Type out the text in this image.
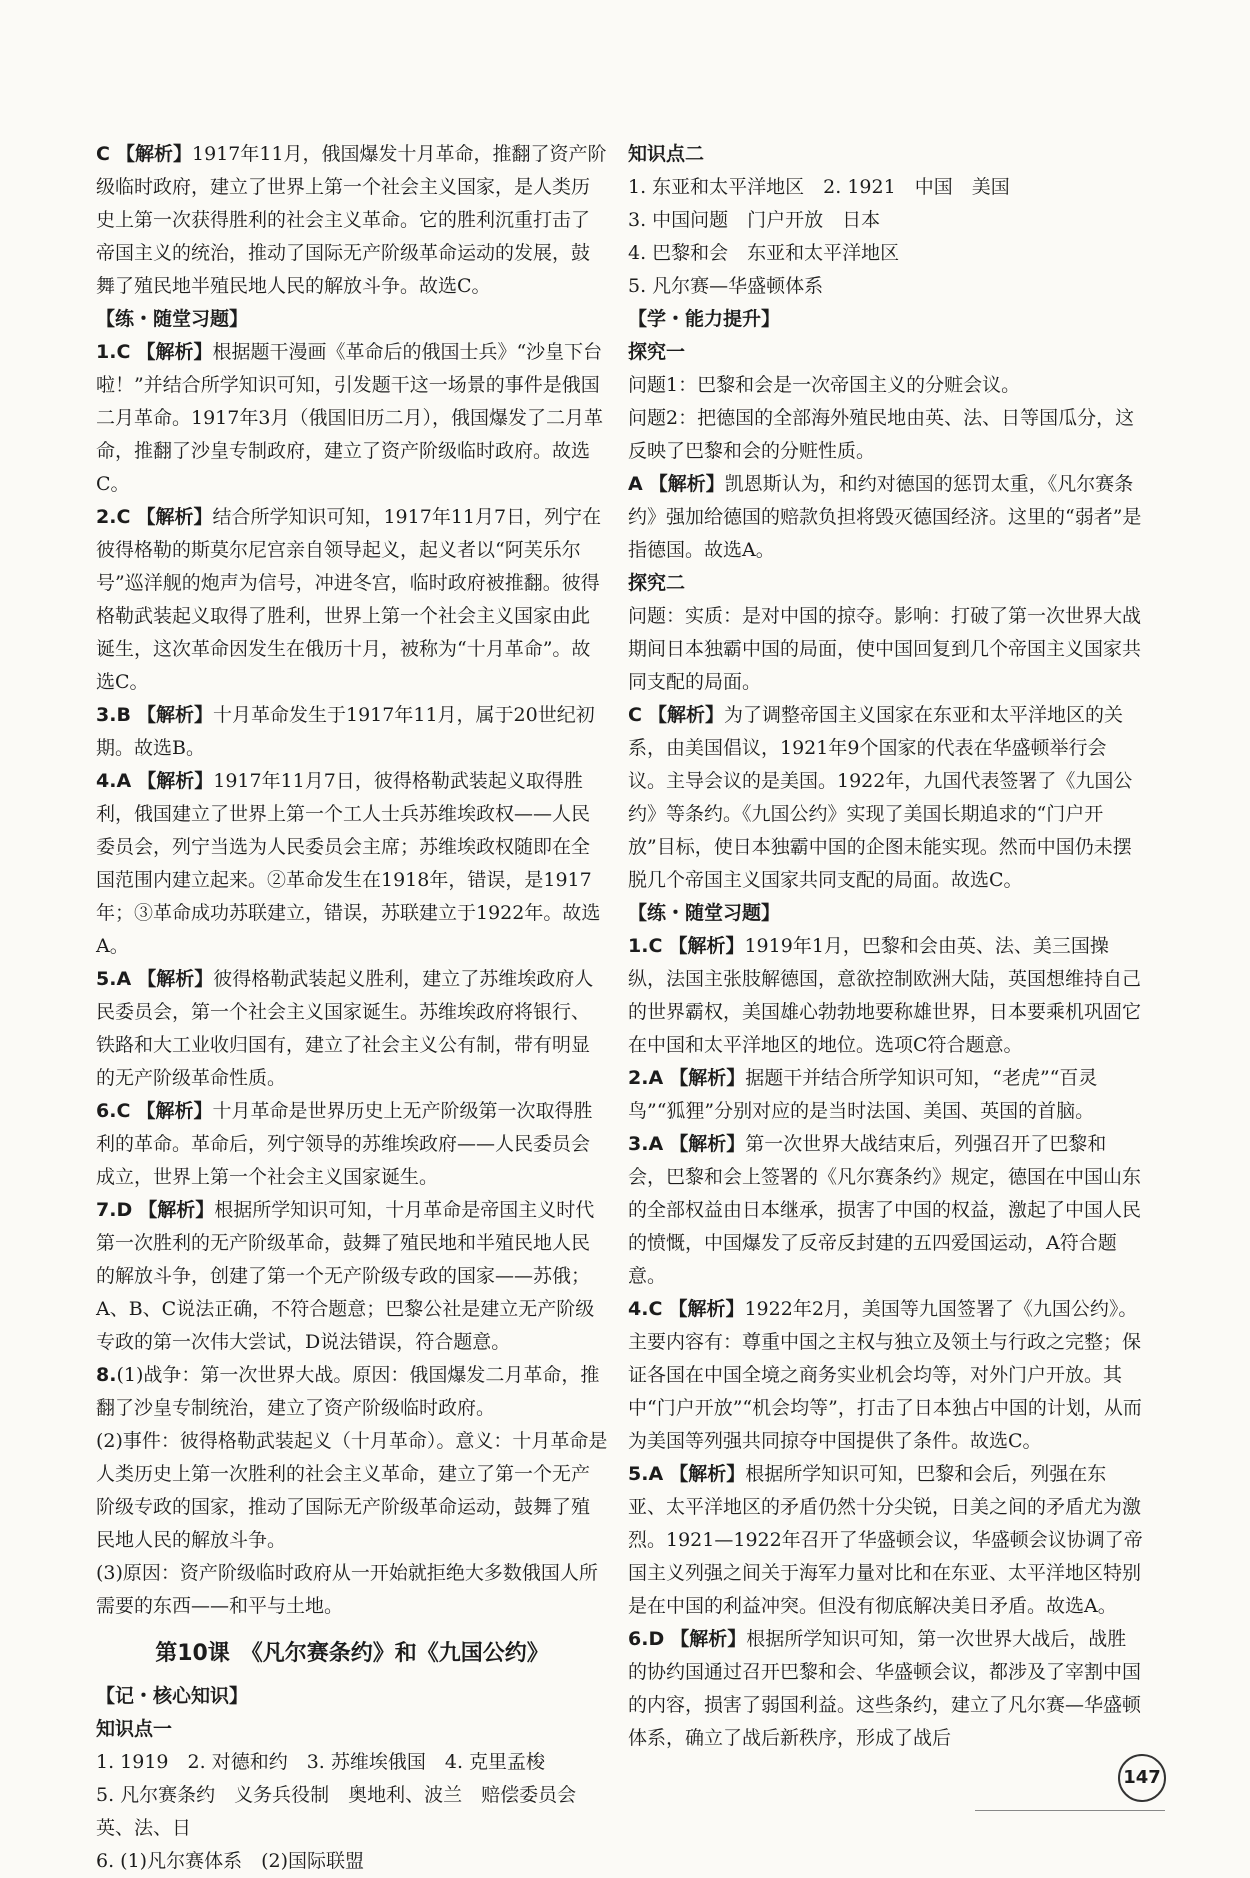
C 【解析】1917年11月，俄国爆发十月革命，推翻了资产阶级临时政府，建立了世界上第一个社会主义国家，是人类历史上第一次获得胜利的社会主义革命。它的胜利沉重打击了帝国主义的统治，推动了国际无产阶级革命运动的发展，鼓舞了殖民地半殖民地人民的解放斗争。故选C。

【练・随堂习题】

1.C 【解析】根据题干漫画《革命后的俄国士兵》“沙皇下台啦！”并结合所学知识可知，引发题干这一场景的事件是俄国二月革命。1917年3月（俄国旧历二月），俄国爆发了二月革命，推翻了沙皇专制政府，建立了资产阶级临时政府。故选C。

2.C 【解析】结合所学知识可知，1917年11月7日，列宁在彼得格勒的斯莫尔尼宫亲自领导起义，起义者以“阿芙乐尔号”巡洋舰的炮声为信号，冲进冬宫，临时政府被推翻。彼得格勒武装起义取得了胜利，世界上第一个社会主义国家由此诞生，这次革命因发生在俄历十月，被称为“十月革命”。故选C。

3.B 【解析】十月革命发生于1917年11月，属于20世纪初期。故选B。

4.A 【解析】1917年11月7日，彼得格勒武装起义取得胜利，俄国建立了世界上第一个工人士兵苏维埃政权——人民委员会，列宁当选为人民委员会主席；苏维埃政权随即在全国范围内建立起来。②革命发生在1918年，错误，是1917年；③革命成功苏联建立，错误，苏联建立于1922年。故选A。

5.A 【解析】彼得格勒武装起义胜利，建立了苏维埃政府人民委员会，第一个社会主义国家诞生。苏维埃政府将银行、铁路和大工业收归国有，建立了社会主义公有制，带有明显的无产阶级革命性质。

6.C 【解析】十月革命是世界历史上无产阶级第一次取得胜利的革命。革命后，列宁领导的苏维埃政府——人民委员会成立，世界上第一个社会主义国家诞生。

7.D 【解析】根据所学知识可知，十月革命是帝国主义时代第一次胜利的无产阶级革命，鼓舞了殖民地和半殖民地人民的解放斗争，创建了第一个无产阶级专政的国家——苏俄；A、B、C说法正确，不符合题意；巴黎公社是建立无产阶级专政的第一次伟大尝试，D说法错误，符合题意。

8.(1)战争：第一次世界大战。原因：俄国爆发二月革命，推翻了沙皇专制统治，建立了资产阶级临时政府。

(2)事件：彼得格勒武装起义（十月革命）。意义：十月革命是人类历史上第一次胜利的社会主义革命，建立了第一个无产阶级专政的国家，推动了国际无产阶级革命运动，鼓舞了殖民地人民的解放斗争。

(3)原因：资产阶级临时政府从一开始就拒绝大多数俄国人所需要的东西——和平与土地。

第10课　《凡尔赛条约》和《九国公约》
【记・核心知识】
知识点一

1. 1919　2. 对德和约　3. 苏维埃俄国　4. 克里孟梭

5. 凡尔赛条约　义务兵役制　奥地利、波兰　赔偿委员会　英、法、日

6. (1)凡尔赛体系　(2)国际联盟

知识点二

1. 东亚和太平洋地区　2. 1921　中国　美国

3. 中国问题　门户开放　日本

4. 巴黎和会　东亚和太平洋地区

5. 凡尔赛—华盛顿体系

【学・能力提升】
探究一

问题1：巴黎和会是一次帝国主义的分赃会议。

问题2：把德国的全部海外殖民地由英、法、日等国瓜分，这反映了巴黎和会的分赃性质。

A 【解析】凯恩斯认为，和约对德国的惩罚太重，《凡尔赛条约》强加给德国的赔款负担将毁灭德国经济。这里的“弱者”是指德国。故选A。

探究二

问题：实质：是对中国的掠夺。影响：打破了第一次世界大战期间日本独霸中国的局面，使中国回复到几个帝国主义国家共同支配的局面。

C 【解析】为了调整帝国主义国家在东亚和太平洋地区的关系，由美国倡议，1921年9个国家的代表在华盛顿举行会议。主导会议的是美国。1922年，九国代表签署了《九国公约》等条约。《九国公约》实现了美国长期追求的“门户开放”目标，使日本独霸中国的企图未能实现。然而中国仍未摆脱几个帝国主义国家共同支配的局面。故选C。

【练・随堂习题】

1.C 【解析】1919年1月，巴黎和会由英、法、美三国操纵，法国主张肢解德国，意欲控制欧洲大陆，英国想维持自己的世界霸权，美国雄心勃勃地要称雄世界，日本要乘机巩固它在中国和太平洋地区的地位。选项C符合题意。

2.A 【解析】据题干并结合所学知识可知，“老虎”“百灵鸟”“狐狸”分别对应的是当时法国、美国、英国的首脑。

3.A 【解析】第一次世界大战结束后，列强召开了巴黎和会，巴黎和会上签署的《凡尔赛条约》规定，德国在中国山东的全部权益由日本继承，损害了中国的权益，激起了中国人民的愤慨，中国爆发了反帝反封建的五四爱国运动，A符合题意。

4.C 【解析】1922年2月，美国等九国签署了《九国公约》。主要内容有：尊重中国之主权与独立及领土与行政之完整；保证各国在中国全境之商务实业机会均等，对外门户开放。其中“门户开放”“机会均等”，打击了日本独占中国的计划，从而为美国等列强共同掠夺中国提供了条件。故选C。

5.A 【解析】根据所学知识可知，巴黎和会后，列强在东亚、太平洋地区的矛盾仍然十分尖锐，日美之间的矛盾尤为激烈。1921—1922年召开了华盛顿会议，华盛顿会议协调了帝国主义列强之间关于海军力量对比和在东亚、太平洋地区特别是在中国的利益冲突。但没有彻底解决美日矛盾。故选A。

6.D 【解析】根据所学知识可知，第一次世界大战后，战胜的协约国通过召开巴黎和会、华盛顿会议，都涉及了宰割中国的内容，损害了弱国利益。这些条约，建立了凡尔赛—华盛顿体系，确立了战后新秩序，形成了战后

147
